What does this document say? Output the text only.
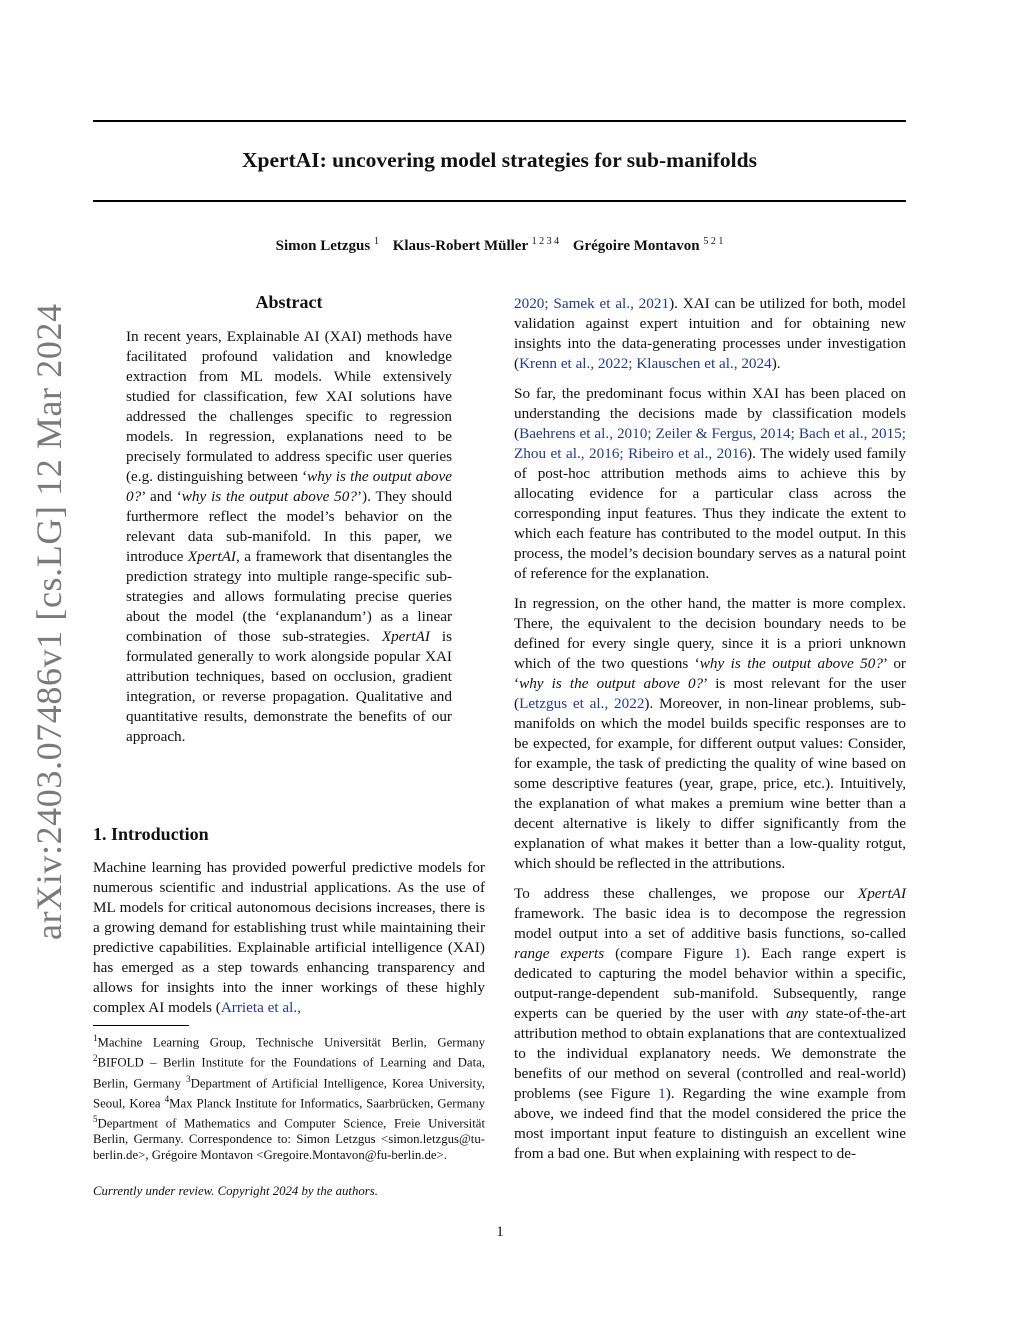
arXiv:2403.07486v1 [cs.LG] 12 Mar 2024
XpertAI: uncovering model strategies for sub-manifolds
Simon Letzgus $^1$ Klaus-Robert Müller $^{1 2 3 4}$ Grégoire Montavon $^{5 2 1}$
Abstract

In recent years, Explainable AI (XAI) methods have facilitated profound validation and knowledge extraction from ML models. While extensively studied for classification, few XAI solutions have addressed the challenges specific to regression models. In regression, explanations need to be precisely formulated to address specific user queries (e.g. distinguishing between ‘why is the output above 0?’ and ‘why is the output above 50?’). They should furthermore reflect the model’s behavior on the relevant data sub-manifold. In this paper, we introduce XpertAI, a framework that disentangles the prediction strategy into multiple range-specific sub-strategies and allows formulating precise queries about the model (the ‘explanandum’) as a linear combination of those sub-strategies. XpertAI is formulated generally to work alongside popular XAI attribution techniques, based on occlusion, gradient integration, or reverse propagation. Qualitative and quantitative results, demonstrate the benefits of our approach.

1. Introduction

Machine learning has provided powerful predictive models for numerous scientific and industrial applications. As the use of ML models for critical autonomous decisions increases, there is a growing demand for establishing trust while maintaining their predictive capabilities. Explainable artificial intelligence (XAI) has emerged as a step towards enhancing transparency and allows for insights into the inner workings of these highly complex AI models (Arrieta et al.,

$^1$Machine Learning Group, Technische Universität Berlin, Germany $^2$BIFOLD – Berlin Institute for the Foundations of Learning and Data, Berlin, Germany $^3$Department of Artificial Intelligence, Korea University, Seoul, Korea $^4$Max Planck Institute for Informatics, Saarbrücken, Germany $^5$Department of Mathematics and Computer Science, Freie Universität Berlin, Germany. Correspondence to: Simon Letzgus <simon.letzgus@tu-berlin.de>, Grégoire Montavon <Gregoire.Montavon@fu-berlin.de>.
Currently under review. Copyright 2024 by the authors.

2020; Samek et al., 2021). XAI can be utilized for both, model validation against expert intuition and for obtaining new insights into the data-generating processes under investigation (Krenn et al., 2022; Klauschen et al., 2024).

So far, the predominant focus within XAI has been placed on understanding the decisions made by classification models (Baehrens et al., 2010; Zeiler & Fergus, 2014; Bach et al., 2015; Zhou et al., 2016; Ribeiro et al., 2016). The widely used family of post-hoc attribution methods aims to achieve this by allocating evidence for a particular class across the corresponding input features. Thus they indicate the extent to which each feature has contributed to the model output. In this process, the model’s decision boundary serves as a natural point of reference for the explanation.

In regression, on the other hand, the matter is more complex. There, the equivalent to the decision boundary needs to be defined for every single query, since it is a priori unknown which of the two questions ‘why is the output above 50?’ or ‘why is the output above 0?’ is most relevant for the user (Letzgus et al., 2022). Moreover, in non-linear problems, sub-manifolds on which the model builds specific responses are to be expected, for example, for different output values: Consider, for example, the task of predicting the quality of wine based on some descriptive features (year, grape, price, etc.). Intuitively, the explanation of what makes a premium wine better than a decent alternative is likely to differ significantly from the explanation of what makes it better than a low-quality rotgut, which should be reflected in the attributions.

To address these challenges, we propose our XpertAI framework. The basic idea is to decompose the regression model output into a set of additive basis functions, so-called range experts (compare Figure 1). Each range expert is dedicated to capturing the model behavior within a specific, output-range-dependent sub-manifold. Subsequently, range experts can be queried by the user with any state-of-the-art attribution method to obtain explanations that are contextualized to the individual explanatory needs. We demonstrate the benefits of our method on several (controlled and real-world) problems (see Figure 1). Regarding the wine example from above, we indeed find that the model considered the price the most important input feature to distinguish an excellent wine from a bad one. But when explaining with respect to de-

1
